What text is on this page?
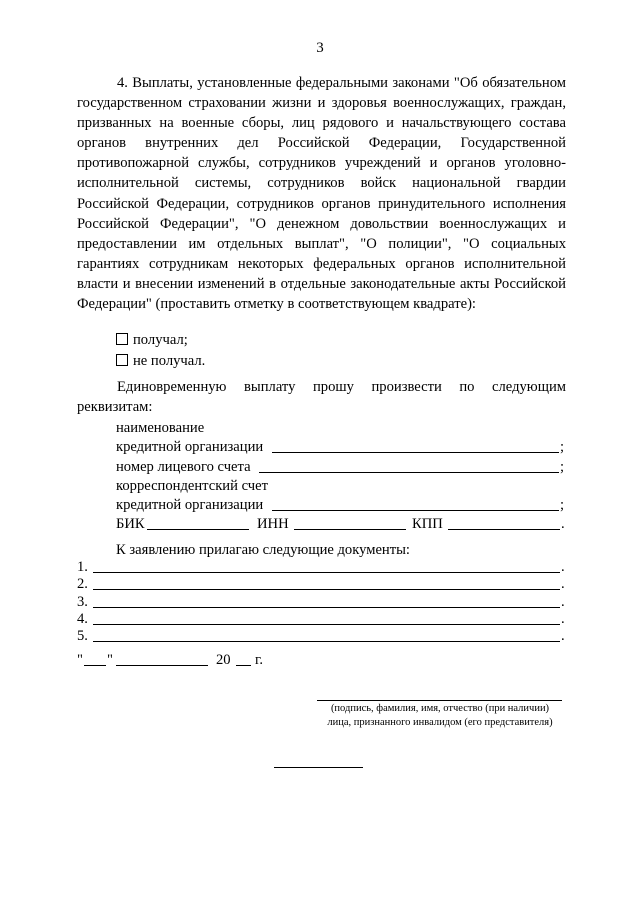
3
4. Выплаты, установленные федеральными законами "Об обязательном государственном страховании жизни и здоровья военнослужащих, граждан, призванных на военные сборы, лиц рядового и начальствующего состава органов внутренних дел Российской Федерации, Государственной противопожарной службы, сотрудников учреждений и органов уголовно-исполнительной системы, сотрудников войск национальной гвардии Российской Федерации, сотрудников органов принудительного исполнения Российской Федерации", "О денежном довольствии военнослужащих и предоставлении им отдельных выплат", "О полиции", "О социальных гарантиях сотрудникам некоторых федеральных органов исполнительной власти и внесении изменений в отдельные законодательные акты Российской Федерации" (проставить отметку в соответствующем квадрате):
получал;
не получал.
Единовременную выплату прошу произвести по следующим реквизитам:
наименование
кредитной организации	;
номер лицевого счета	;
корреспондентский счет
кредитной организации	;
БИК	ИНН	КПП	.
К заявлению прилагаю следующие документы:
1.	.
2.	.
3.	.
4.	.
5.	.
" "	20 г.
(подпись, фамилия, имя, отчество (при наличии)
лица, признанного инвалидом (его представителя)
